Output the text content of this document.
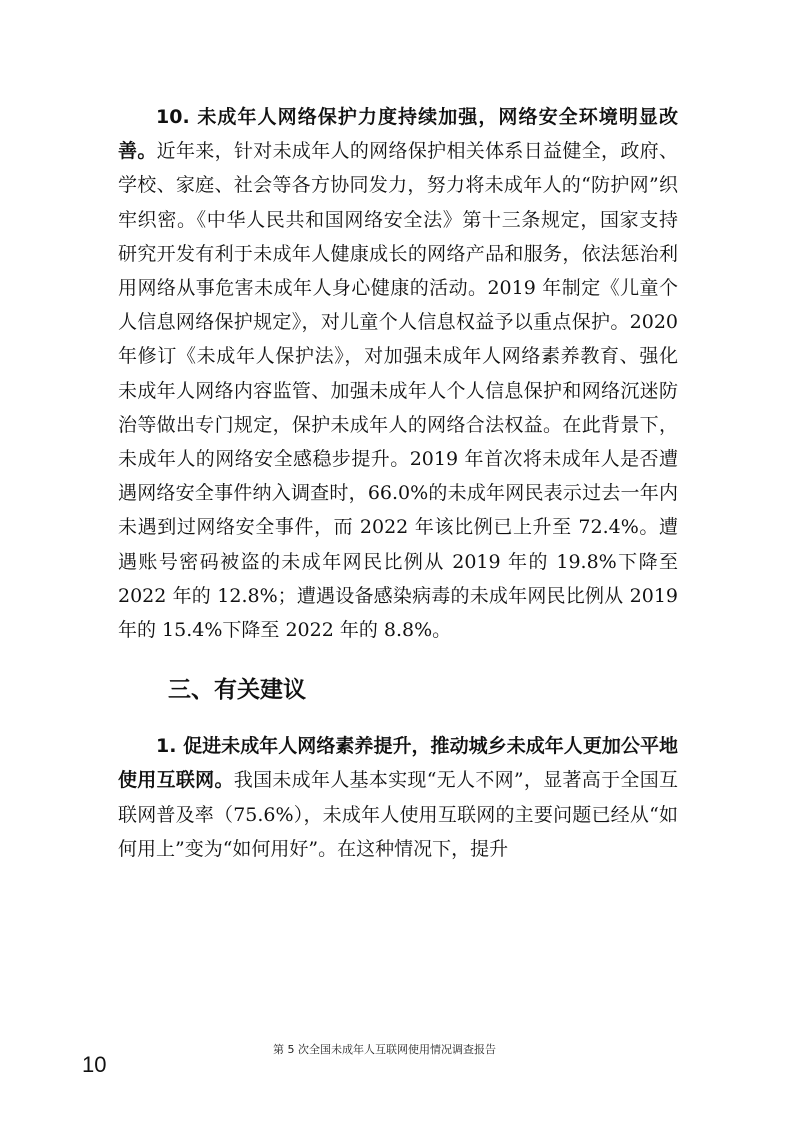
10. 未成年人网络保护力度持续加强，网络安全环境明显改善。近年来，针对未成年人的网络保护相关体系日益健全，政府、学校、家庭、社会等各方协同发力，努力将未成年人的“防护网”织牢织密。《中华人民共和国网络安全法》第十三条规定，国家支持研究开发有利于未成年人健康成长的网络产品和服务，依法惩治利用网络从事危害未成年人身心健康的活动。2019 年制定《儿童个人信息网络保护规定》，对儿童个人信息权益予以重点保护。2020 年修订《未成年人保护法》，对加强未成年人网络素养教育、强化未成年人网络内容监管、加强未成年人个人信息保护和网络沉迷防治等做出专门规定，保护未成年人的网络合法权益。在此背景下，未成年人的网络安全感稳步提升。2019 年首次将未成年人是否遭遇网络安全事件纳入调查时，66.0%的未成年网民表示过去一年内未遇到过网络安全事件，而 2022 年该比例已上升至 72.4%。遭遇账号密码被盗的未成年网民比例从 2019 年的 19.8%下降至 2022 年的 12.8%；遭遇设备感染病毒的未成年网民比例从 2019 年的 15.4%下降至 2022 年的 8.8%。

三、有关建议

1. 促进未成年人网络素养提升，推动城乡未成年人更加公平地使用互联网。我国未成年人基本实现“无人不网”，显著高于全国互联网普及率（75.6%），未成年人使用互联网的主要问题已经从“如何用上”变为“如何用好”。在这种情况下，提升

第 5 次全国未成年人互联网使用情况调查报告
10
